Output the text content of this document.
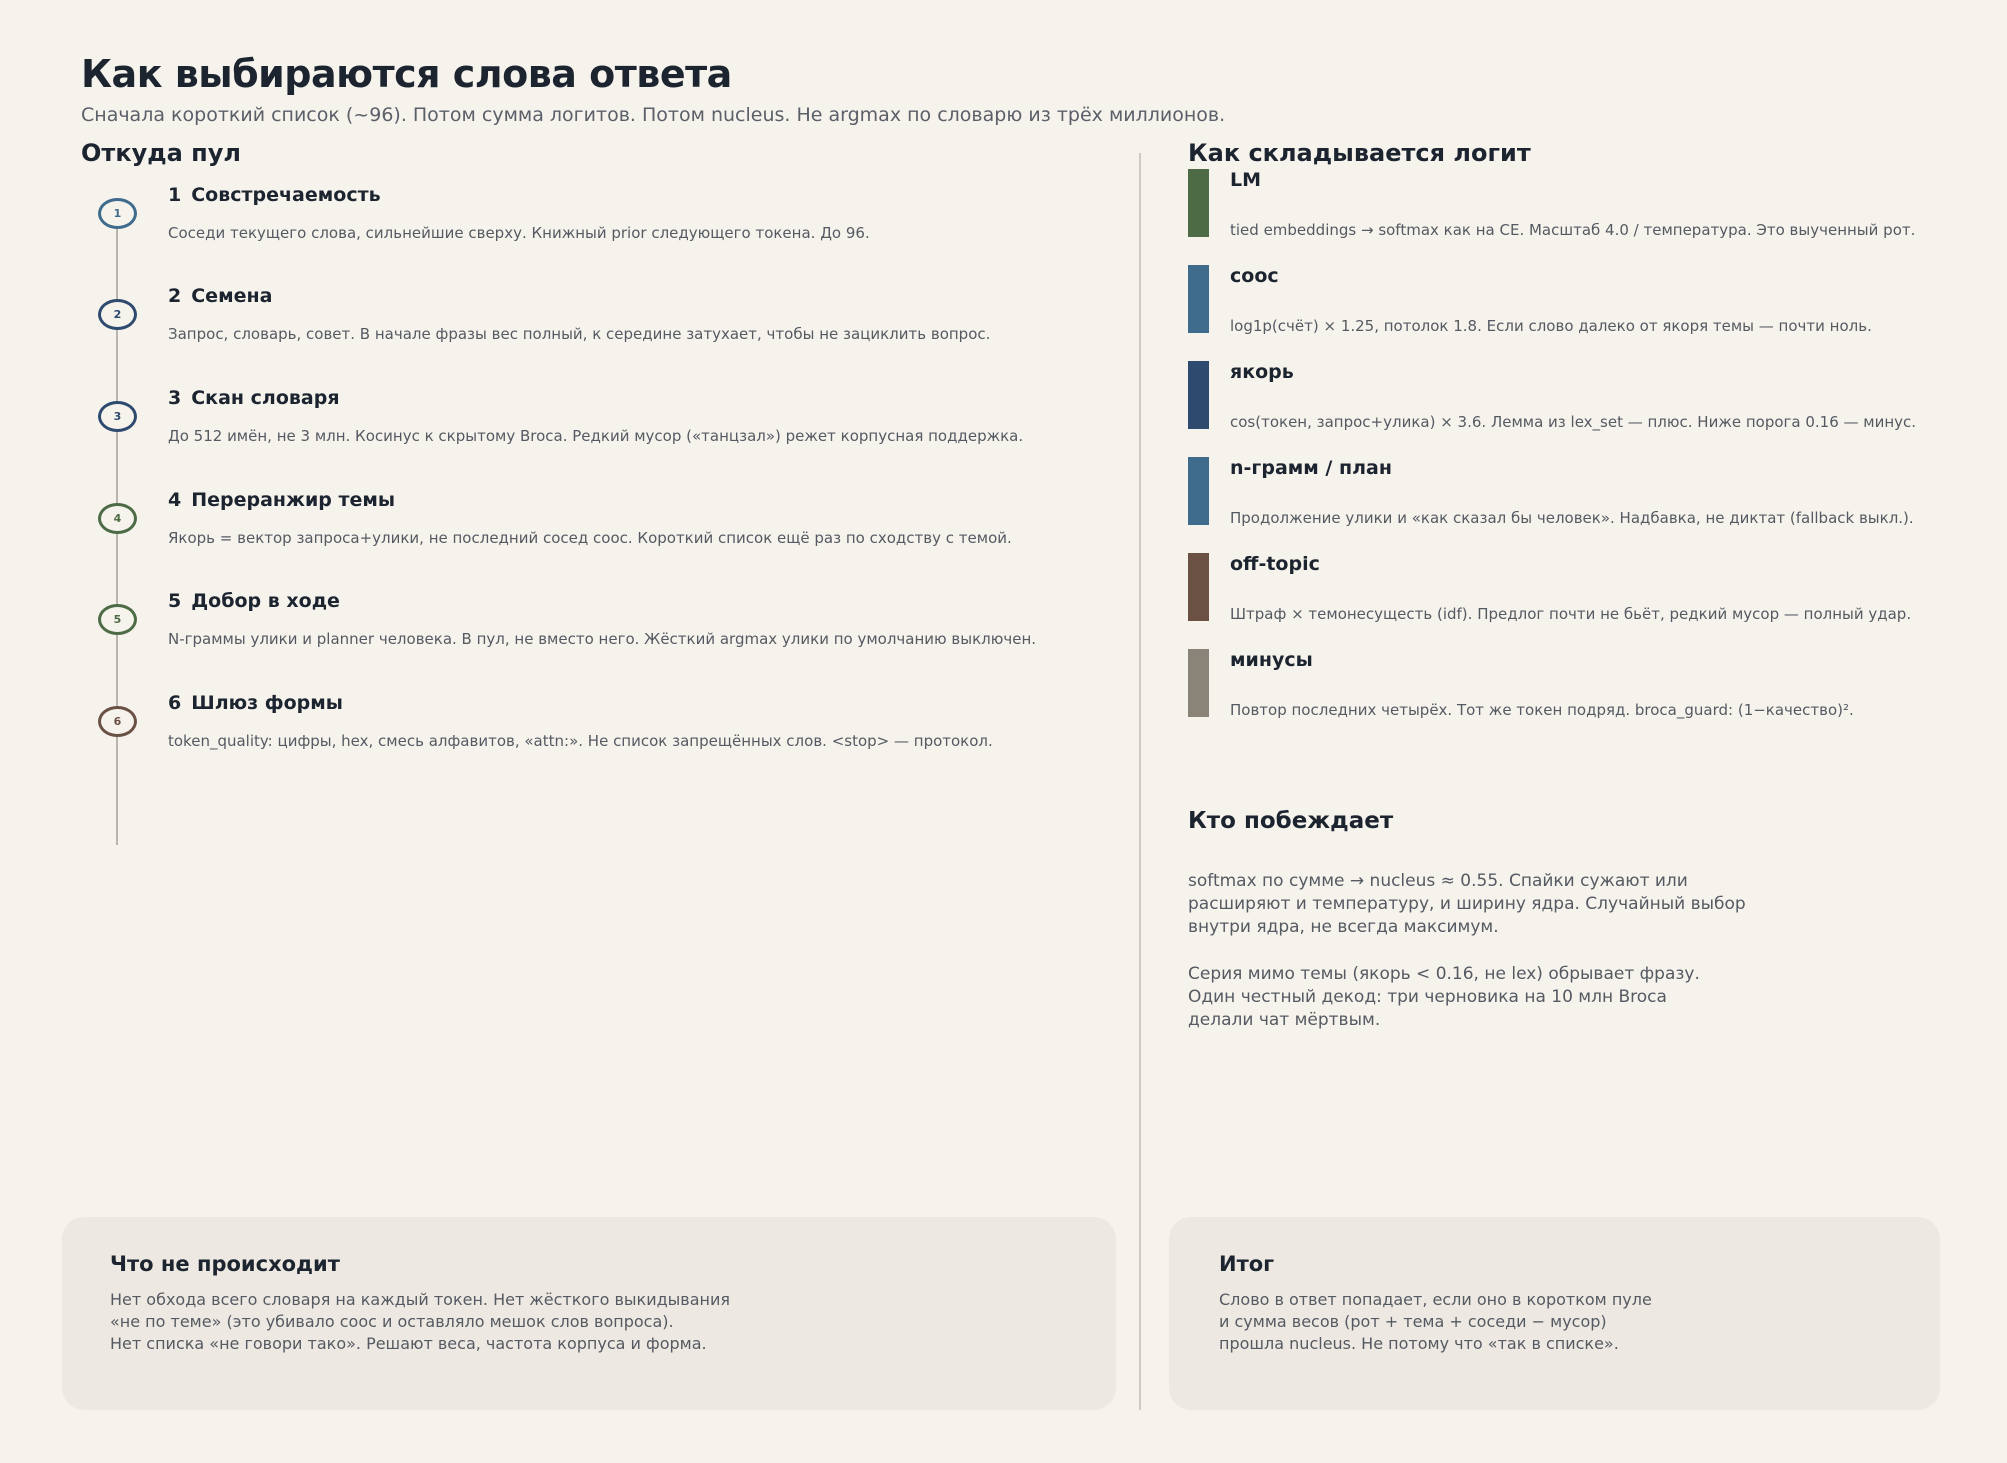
Как выбираются слова ответа
Сначала короткий список (~96). Потом сумма логитов. Потом nucleus. Не argmax по словарю из трёх миллионов.
Откуда пул
1
1 Совстречаемость
Соседи текущего слова, сильнейшие сверху. Книжный prior следующего токена. До 96.
2
2 Семена
Запрос, словарь, совет. В начале фразы вес полный, к середине затухает, чтобы не зациклить вопрос.
3
3 Скан словаря
До 512 имён, не 3 млн. Косинус к скрытому Broca. Редкий мусор («танцзал») режет корпусная поддержка.
4
4 Переранжир темы
Якорь = вектор запроса+улики, не последний сосед cooc. Короткий список ещё раз по сходству с темой.
5
5 Добор в ходе
N-граммы улики и planner человека. В пул, не вместо него. Жёсткий argmax улики по умолчанию выключен.
6
6 Шлюз формы
token_quality: цифры, hex, смесь алфавитов, «attn:». Не список запрещённых слов. <stop> — протокол.
Как складывается логит
LM
tied embeddings → softmax как на CE. Масштаб 4.0 / температура. Это выученный рот.
cooc
log1p(счёт) × 1.25, потолок 1.8. Если слово далеко от якоря темы — почти ноль.
якорь
cos(токен, запрос+улика) × 3.6. Лемма из lex_set — плюс. Ниже порога 0.16 — минус.
n-грамм / план
Продолжение улики и «как сказал бы человек». Надбавка, не диктат (fallback выкл.).
off-topic
Штраф × темонесущесть (idf). Предлог почти не бьёт, редкий мусор — полный удар.
минусы
Повтор последних четырёх. Тот же токен подряд. broca_guard: (1−качество)².
Кто побеждает
softmax по сумме → nucleus ≈ 0.55. Спайки сужают или
расширяют и температуру, и ширину ядра. Случайный выбор
внутри ядра, не всегда максимум.
Серия мимо темы (якорь < 0.16, не lex) обрывает фразу.
Один честный декод: три черновика на 10 млн Broca
делали чат мёртвым.
Что не происходит
Нет обхода всего словаря на каждый токен. Нет жёсткого выкидывания
«не по теме» (это убивало cooc и оставляло мешок слов вопроса).
Нет списка «не говори тако». Решают веса, частота корпуса и форма.
Итог
Слово в ответ попадает, если оно в коротком пуле
и сумма весов (рот + тема + соседи − мусор)
прошла nucleus. Не потому что «так в списке».
